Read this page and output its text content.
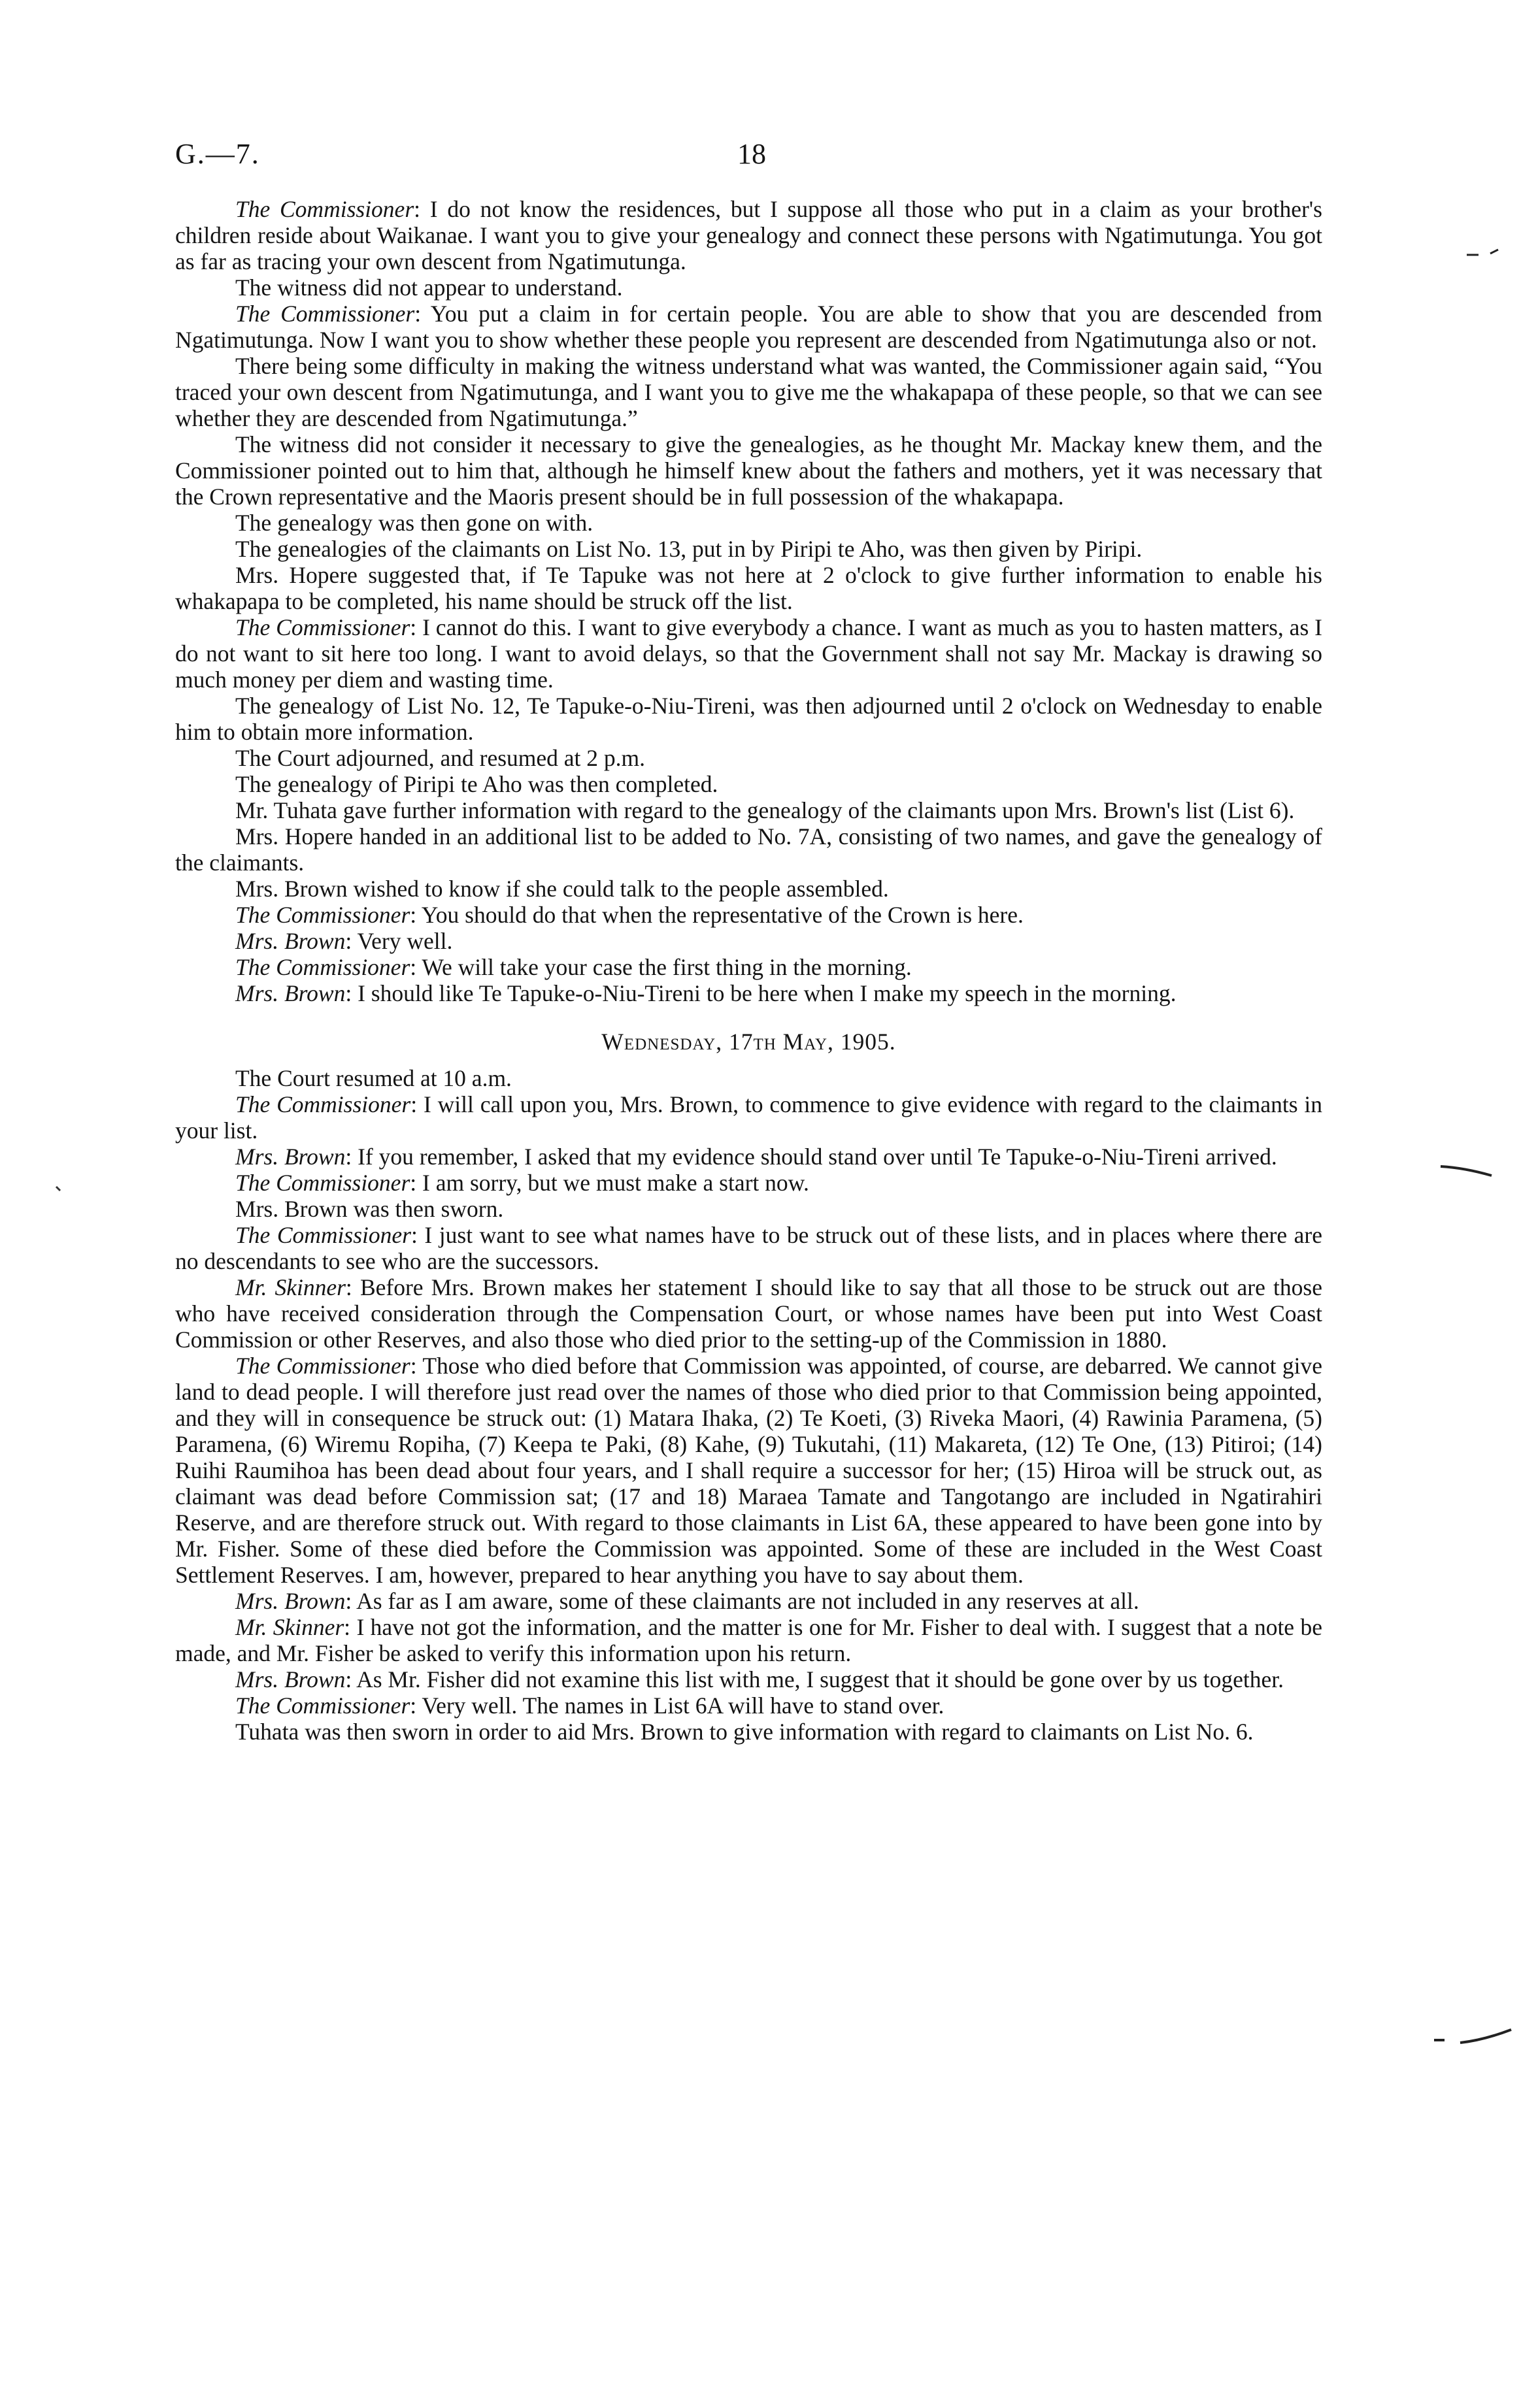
G.—7.	18

The Commissioner : I do not know the residences, but I suppose all those who put in a claim as your brother's children reside about Waikanae. I want you to give your genealogy and connect these persons with Ngatimutunga. You got as far as tracing your own descent from Ngatimutunga.

The witness did not appear to understand.

The Commissioner : You put a claim in for certain people. You are able to show that you are descended from Ngatimutunga. Now I want you to show whether these people you represent are descended from Ngatimutunga also or not.

There being some difficulty in making the witness understand what was wanted, the Commissioner again said, “You traced your own descent from Ngatimutunga, and I want you to give me the whakapapa of these people, so that we can see whether they are descended from Ngatimutunga.”

The witness did not consider it necessary to give the genealogies, as he thought Mr. Mackay knew them, and the Commissioner pointed out to him that, although he himself knew about the fathers and mothers, yet it was necessary that the Crown representative and the Maoris present should be in full possession of the whakapapa.

The genealogy was then gone on with.

The genealogies of the claimants on List No. 13, put in by Piripi te Aho, was then given by Piripi.

Mrs. Hopere suggested that, if Te Tapuke was not here at 2 o'clock to give further information to enable his whakapapa to be completed, his name should be struck off the list.

The Commissioner : I cannot do this. I want to give everybody a chance. I want as much as you to hasten matters, as I do not want to sit here too long. I want to avoid delays, so that the Government shall not say Mr. Mackay is drawing so much money per diem and wasting time.

The genealogy of List No. 12, Te Tapuke-o-Niu-Tireni, was then adjourned until 2 o'clock on Wednesday to enable him to obtain more information.

The Court adjourned, and resumed at 2 p.m.

The genealogy of Piripi te Aho was then completed.

Mr. Tuhata gave further information with regard to the genealogy of the claimants upon Mrs. Brown's list (List 6).

Mrs. Hopere handed in an additional list to be added to No. 7A, consisting of two names, and gave the genealogy of the claimants.

Mrs. Brown wished to know if she could talk to the people assembled.

The Commissioner : You should do that when the representative of the Crown is here.

Mrs. Brown : Very well.

The Commissioner : We will take your case the first thing in the morning.

Mrs. Brown : I should like Te Tapuke-o-Niu-Tireni to be here when I make my speech in the morning.

Wednesday, 17th May, 1905.

The Court resumed at 10 a.m.

The Commissioner : I will call upon you, Mrs. Brown, to commence to give evidence with regard to the claimants in your list.

Mrs. Brown : If you remember, I asked that my evidence should stand over until Te Tapuke-o-Niu-Tireni arrived.

The Commissioner : I am sorry, but we must make a start now.

Mrs. Brown was then sworn.

The Commissioner : I just want to see what names have to be struck out of these lists, and in places where there are no descendants to see who are the successors.

Mr. Skinner : Before Mrs. Brown makes her statement I should like to say that all those to be struck out are those who have received consideration through the Compensation Court, or whose names have been put into West Coast Commission or other Reserves, and also those who died prior to the setting-up of the Commission in 1880.

The Commissioner : Those who died before that Commission was appointed, of course, are debarred. We cannot give land to dead people. I will therefore just read over the names of those who died prior to that Commission being appointed, and they will in consequence be struck out: (1) Matara Ihaka, (2) Te Koeti, (3) Riveka Maori, (4) Rawinia Paramena, (5) Paramena, (6) Wiremu Ropiha, (7) Keepa te Paki, (8) Kahe, (9) Tukutahi, (11) Makareta, (12) Te One, (13) Pitiroi; (14) Ruihi Raumihoa has been dead about four years, and I shall require a successor for her; (15) Hiroa will be struck out, as claimant was dead before Commission sat; (17 and 18) Maraea Tamate and Tangotango are included in Ngatirahiri Reserve, and are therefore struck out. With regard to those claimants in List 6A, these appeared to have been gone into by Mr. Fisher. Some of these died before the Commission was appointed. Some of these are included in the West Coast Settlement Reserves. I am, however, prepared to hear anything you have to say about them.

Mrs. Brown : As far as I am aware, some of these claimants are not included in any reserves at all.

Mr. Skinner : I have not got the information, and the matter is one for Mr. Fisher to deal with. I suggest that a note be made, and Mr. Fisher be asked to verify this information upon his return.

Mrs. Brown : As Mr. Fisher did not examine this list with me, I suggest that it should be gone over by us together.

The Commissioner : Very well. The names in List 6A will have to stand over.

Tuhata was then sworn in order to aid Mrs. Brown to give information with regard to claimants on List No. 6.
